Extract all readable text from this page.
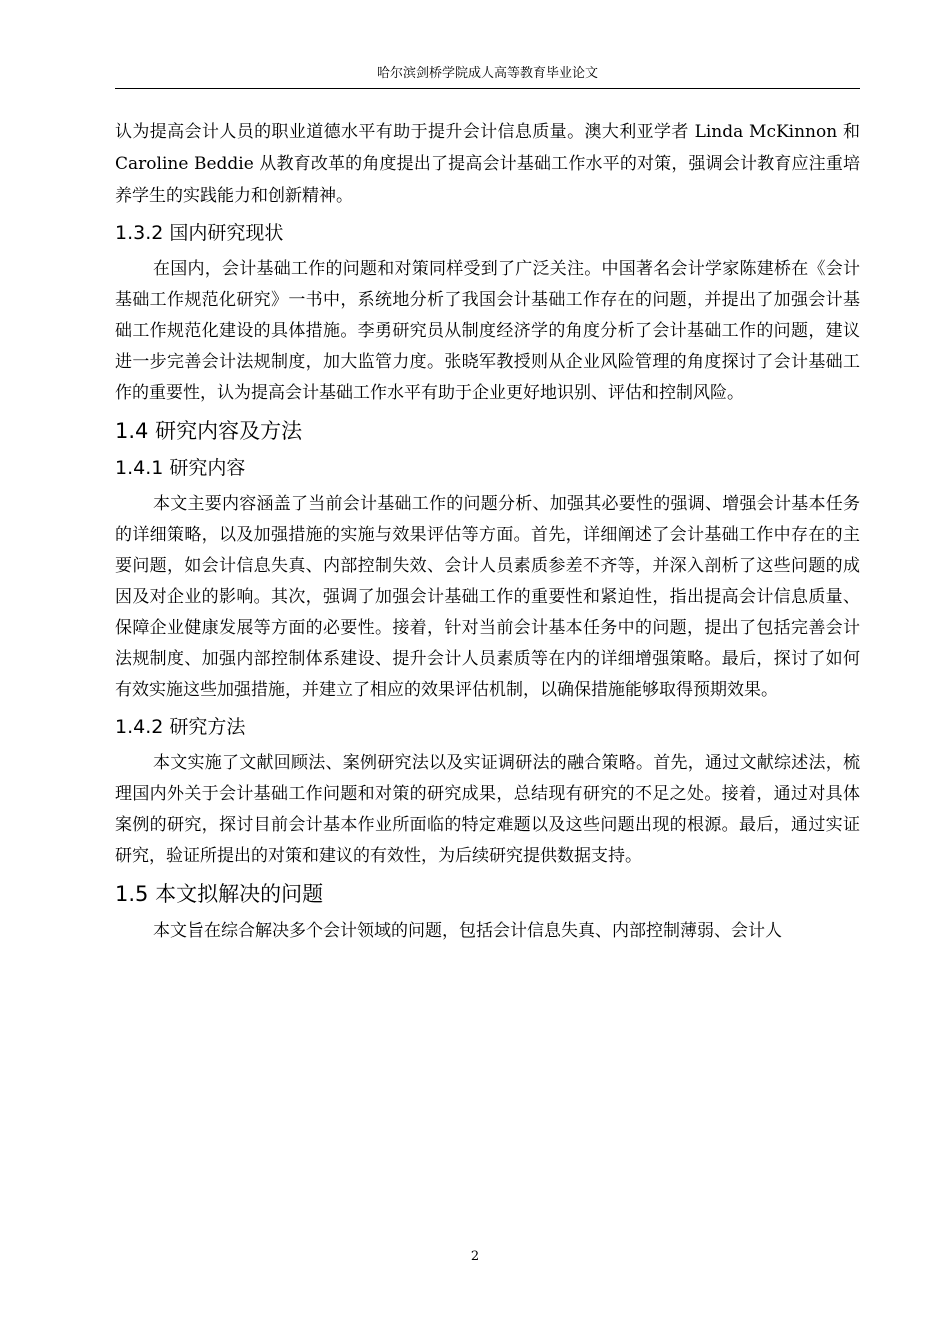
哈尔滨剑桥学院成人高等教育毕业论文

认为提高会计人员的职业道德水平有助于提升会计信息质量。澳大利亚学者 Linda McKinnon 和 Caroline Beddie 从教育改革的角度提出了提高会计基础工作水平的对策，强调会计教育应注重培养学生的实践能力和创新精神。

1.3.2 国内研究现状

在国内，会计基础工作的问题和对策同样受到了广泛关注。中国著名会计学家陈建桥在《会计基础工作规范化研究》一书中，系统地分析了我国会计基础工作存在的问题，并提出了加强会计基础工作规范化建设的具体措施。李勇研究员从制度经济学的角度分析了会计基础工作的问题，建议进一步完善会计法规制度，加大监管力度。张晓军教授则从企业风险管理的角度探讨了会计基础工作的重要性，认为提高会计基础工作水平有助于企业更好地识别、评估和控制风险。

1.4 研究内容及方法
1.4.1 研究内容

本文主要内容涵盖了当前会计基础工作的问题分析、加强其必要性的强调、增强会计基本任务的详细策略，以及加强措施的实施与效果评估等方面。首先，详细阐述了会计基础工作中存在的主要问题，如会计信息失真、内部控制失效、会计人员素质参差不齐等，并深入剖析了这些问题的成因及对企业的影响。其次，强调了加强会计基础工作的重要性和紧迫性，指出提高会计信息质量、保障企业健康发展等方面的必要性。接着，针对当前会计基本任务中的问题，提出了包括完善会计法规制度、加强内部控制体系建设、提升会计人员素质等在内的详细增强策略。最后，探讨了如何有效实施这些加强措施，并建立了相应的效果评估机制，以确保措施能够取得预期效果。

1.4.2 研究方法

本文实施了文献回顾法、案例研究法以及实证调研法的融合策略。首先，通过文献综述法，梳理国内外关于会计基础工作问题和对策的研究成果，总结现有研究的不足之处。接着，通过对具体案例的研究，探讨目前会计基本作业所面临的特定难题以及这些问题出现的根源。最后，通过实证研究，验证所提出的对策和建议的有效性，为后续研究提供数据支持。

1.5 本文拟解决的问题

本文旨在综合解决多个会计领域的问题，包括会计信息失真、内部控制薄弱、会计人

2
